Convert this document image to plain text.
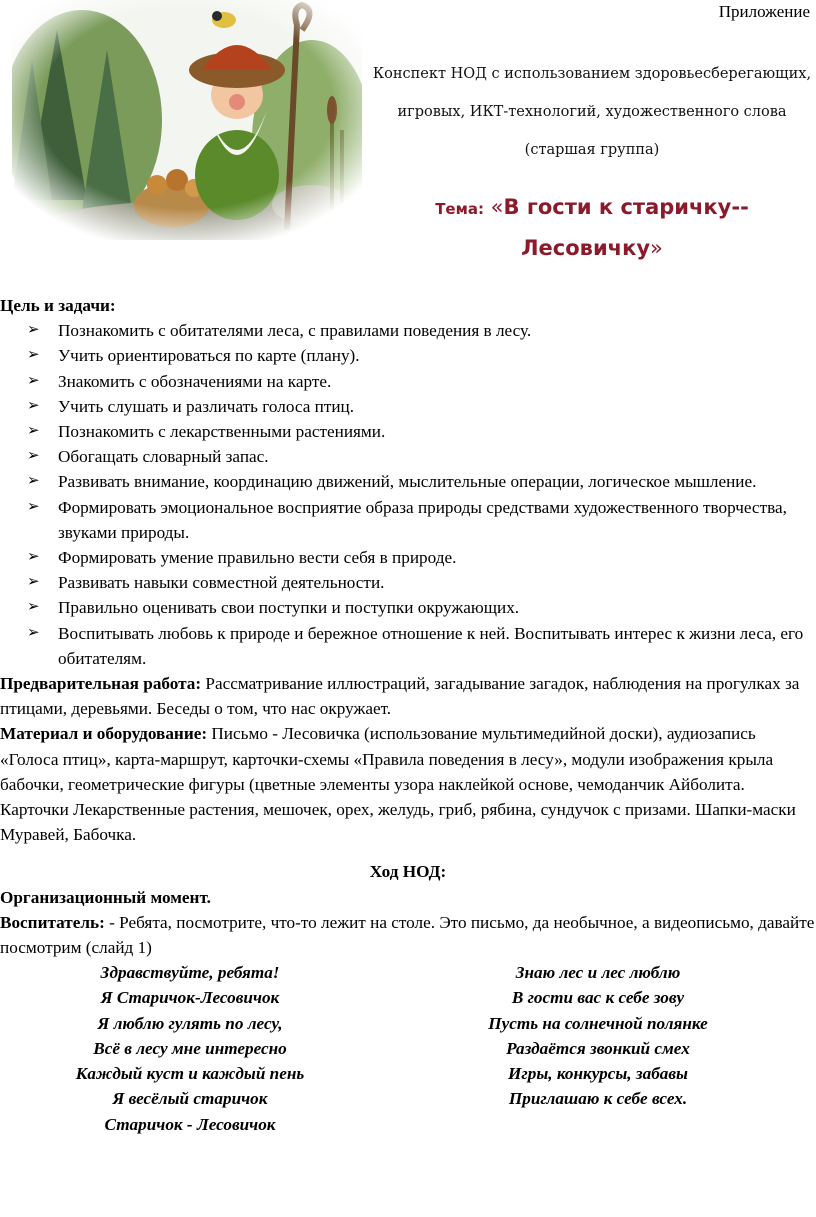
Приложение
Конспект НОД с использованием здоровьесберегающих,
игровых, ИКТ-технологий, художественного слова
(старшая группа)
Тема: «В гости к старичку--
Лесовичку»

Цель и задачи:

➢ Познакомить с обитателями леса, с правилами поведения в лесу.
➢ Учить ориентироваться по карте (плану).
➢ Знакомить с обозначениями на карте.
➢ Учить слушать и различать голоса птиц.
➢ Познакомить с лекарственными растениями.
➢ Обогащать словарный запас.
➢ Развивать внимание, координацию движений, мыслительные операции, логическое мышление.
➢ Формировать эмоциональное восприятие образа природы средствами художественного творчества, звуками природы.
➢ Формировать умение правильно вести себя в природе.
➢ Развивать навыки совместной деятельности.
➢ Правильно оценивать свои поступки и поступки окружающих.
➢ Воспитывать любовь к природе и бережное отношение к ней. Воспитывать интерес к жизни леса, его обитателям.

Предварительная работа: Рассматривание иллюстраций, загадывание загадок, наблюдения на прогулках за птицами, деревьями. Беседы о том, что нас окружает.

Материал и оборудование: Письмо - Лесовичка (использование мультимедийной доски), аудиозапись «Голоса птиц», карта-маршрут, карточки-схемы «Правила поведения в лесу», модули изображения крыла бабочки, геометрические фигуры (цветные элементы узора наклейкой основе, чемоданчик Айболита. Карточки Лекарственные растения, мешочек, орех, желудь, гриб, рябина, сундучок с призами. Шапки-маски Муравей, Бабочка.

Ход НОД:

Организационный момент.

Воспитатель: - Ребята, посмотрите, что-то лежит на столе. Это письмо, да необычное, а видеописьмо, давайте посмотрим (слайд 1)

Здравствуйте, ребята!
Я Старичок-Лесовичок
Я люблю гулять по лесу,
Всё в лесу мне интересно
Каждый куст и каждый пень
Я весёлый старичок
Старичок - Лесовичок
Знаю лес и лес люблю
В гости вас к себе зову
Пусть на солнечной полянке
Раздаётся звонкий смех
Игры, конкурсы, забавы
Приглашаю к себе всех.
